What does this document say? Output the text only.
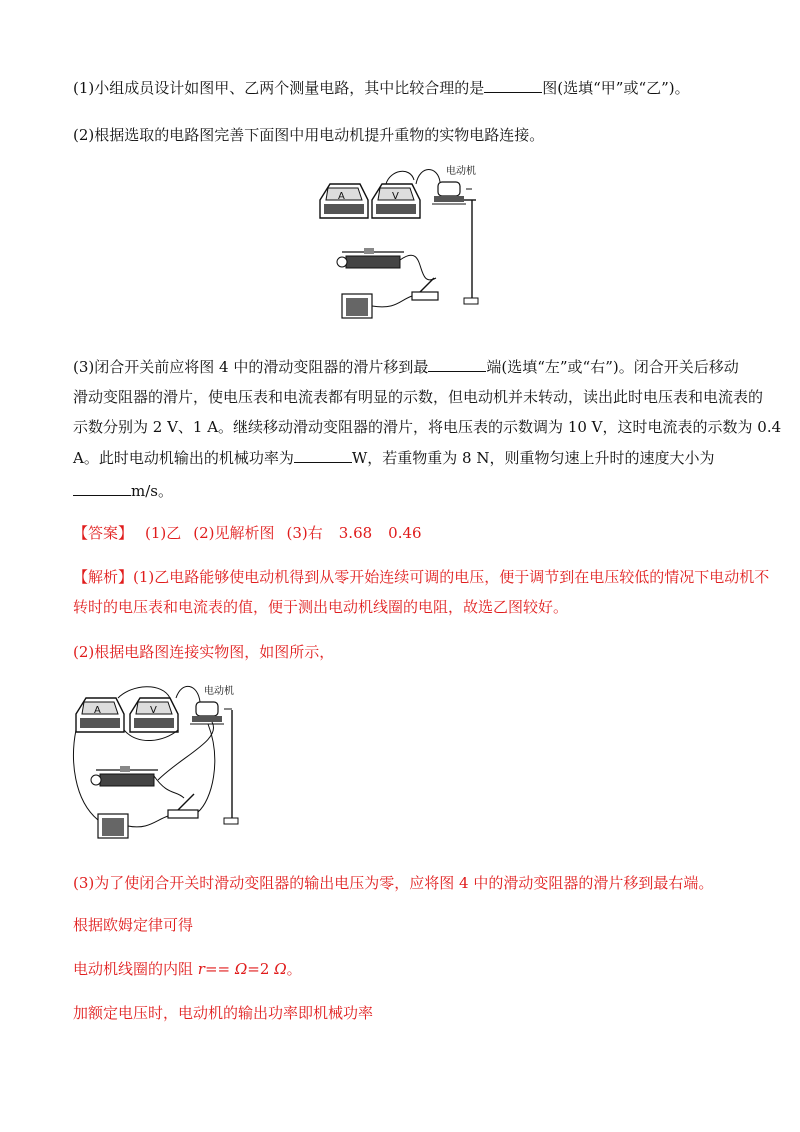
(1)小组成员设计如图甲、乙两个测量电路，其中比较合理的是	图(选填“甲”或“乙”)。
(2)根据选取的电路图完善下面图中用电动机提升重物的实物电路连接。
A	V
电动机
(3)闭合开关前应将图 4 中的滑动变阻器的滑片移到最	端(选填“左”或“右”)。闭合开关后移动
滑动变阻器的滑片，使电压表和电流表都有明显的示数，但电动机并未转动，读出此时电压表和电流表的
示数分别为 2 V、1 A。继续移动滑动变阻器的滑片，将电压表的示数调为 10 V，这时电流表的示数为 0.4
A。此时电动机输出的机械功率为	W，若重物重为 8 N，则重物匀速上升时的速度大小为
m/s。
【答案】 (1)乙 (2)见解析图 (3)右 3.68 0.46
【解析】(1)乙电路能够使电动机得到从零开始连续可调的电压，便于调节到在电压较低的情况下电动机不
转时的电压表和电流表的值，便于测出电动机线圈的电阻，故选乙图较好。
(2)根据电路图连接实物图，如图所示，
A	V
电动机
(3)为了使闭合开关时滑动变阻器的输出电压为零，应将图 4 中的滑动变阻器的滑片移到最右端。
根据欧姆定律可得
电动机线圈的内阻 r== Ω=2 Ω。
加额定电压时，电动机的输出功率即机械功率
